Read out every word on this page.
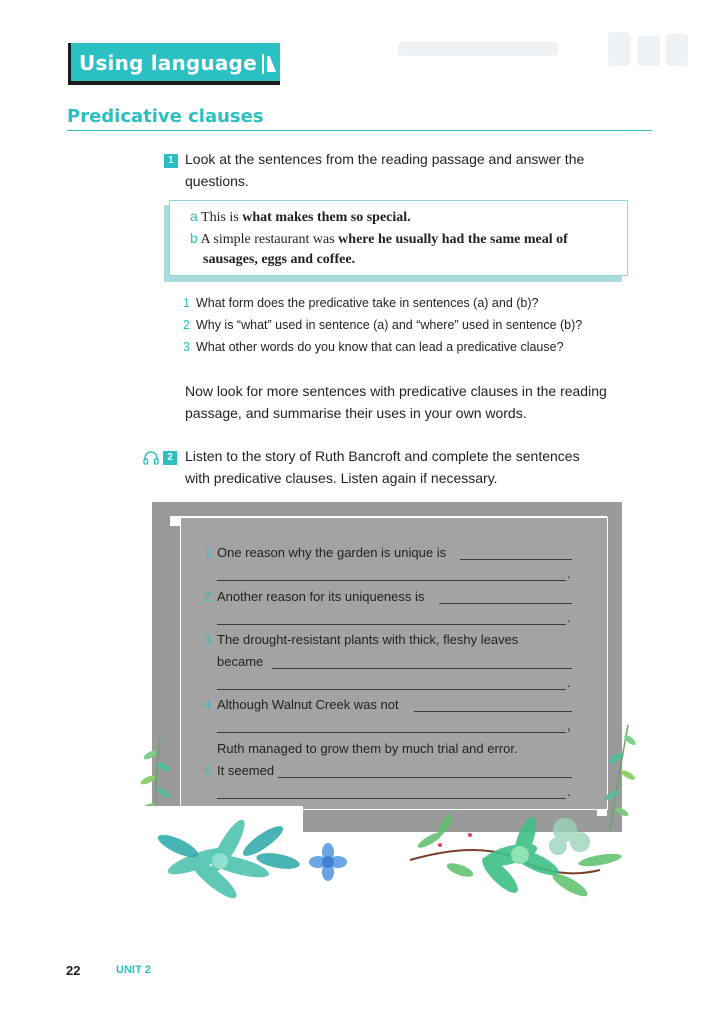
Using language
Predicative clauses
1 Look at the sentences from the reading passage and answer the
questions.
a This is what makes them so special.
b A simple restaurant was where he usually had the same meal of
sausages, eggs and coffee.
1 What form does the predicative take in sentences (a) and (b)?
2 Why is “what” used in sentence (a) and “where” used in sentence (b)?
3 What other words do you know that can lead a predicative clause?
Now look for more sentences with predicative clauses in the reading
passage, and summarise their uses in your own words.
2 Listen to the story of Ruth Bancroft and complete the sentences
with predicative clauses. Listen again if necessary.
1 One reason why the garden is unique is
.
2 Another reason for its uniqueness is
.
3 The drought-resistant plants with thick, fleshy leaves
became
.
4 Although Walnut Creek was not
,
Ruth managed to grow them by much trial and error.
5 It seemed
.
22	UNIT 2
